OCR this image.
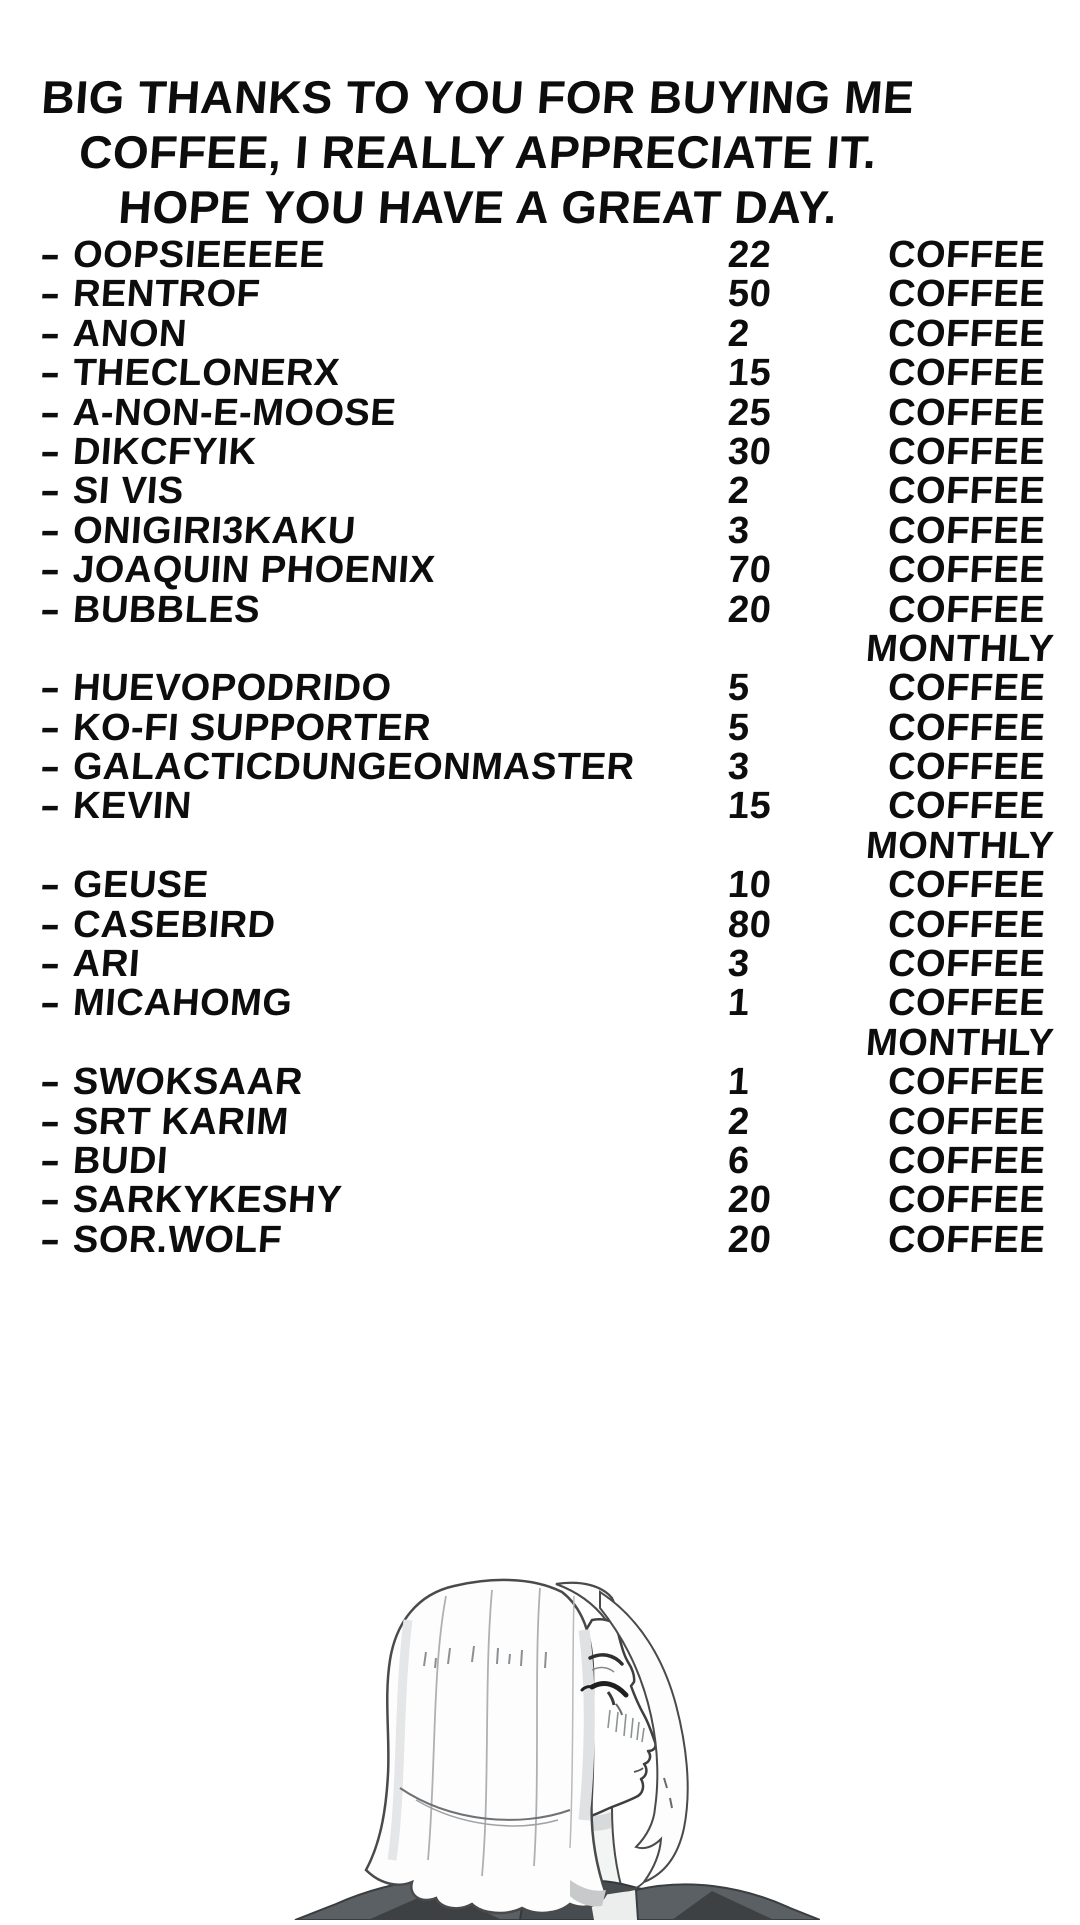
BIG THANKS TO YOU FOR BUYING ME
COFFEE, I REALLY APPRECIATE IT.
HOPE YOU HAVE A GREAT DAY.
- OOPSIEEEEE	22	COFFEE
- RENTROF	50	COFFEE
- ANON	2	COFFEE
- THECLONERX	15	COFFEE
- A-NON-E-MOOSE	25	COFFEE
- DIKCFYIK	30	COFFEE
- SI VIS	2	COFFEE
- ONIGIRI3KAKU	3	COFFEE
- JOAQUIN PHOENIX	70	COFFEE
- BUBBLES	20	COFFEE
MONTHLY
- HUEVOPODRIDO	5	COFFEE
- KO-FI SUPPORTER	5	COFFEE
- GALACTICDUNGEONMASTER	3	COFFEE
- KEVIN	15	COFFEE
MONTHLY
- GEUSE	10	COFFEE
- CASEBIRD	80	COFFEE
- ARI	3	COFFEE
- MICAHOMG	1	COFFEE
MONTHLY
- SWOKSAAR	1	COFFEE
- SRT KARIM	2	COFFEE
- BUDI	6	COFFEE
- SARKYKESHY	20	COFFEE
- SOR.WOLF	20	COFFEE
